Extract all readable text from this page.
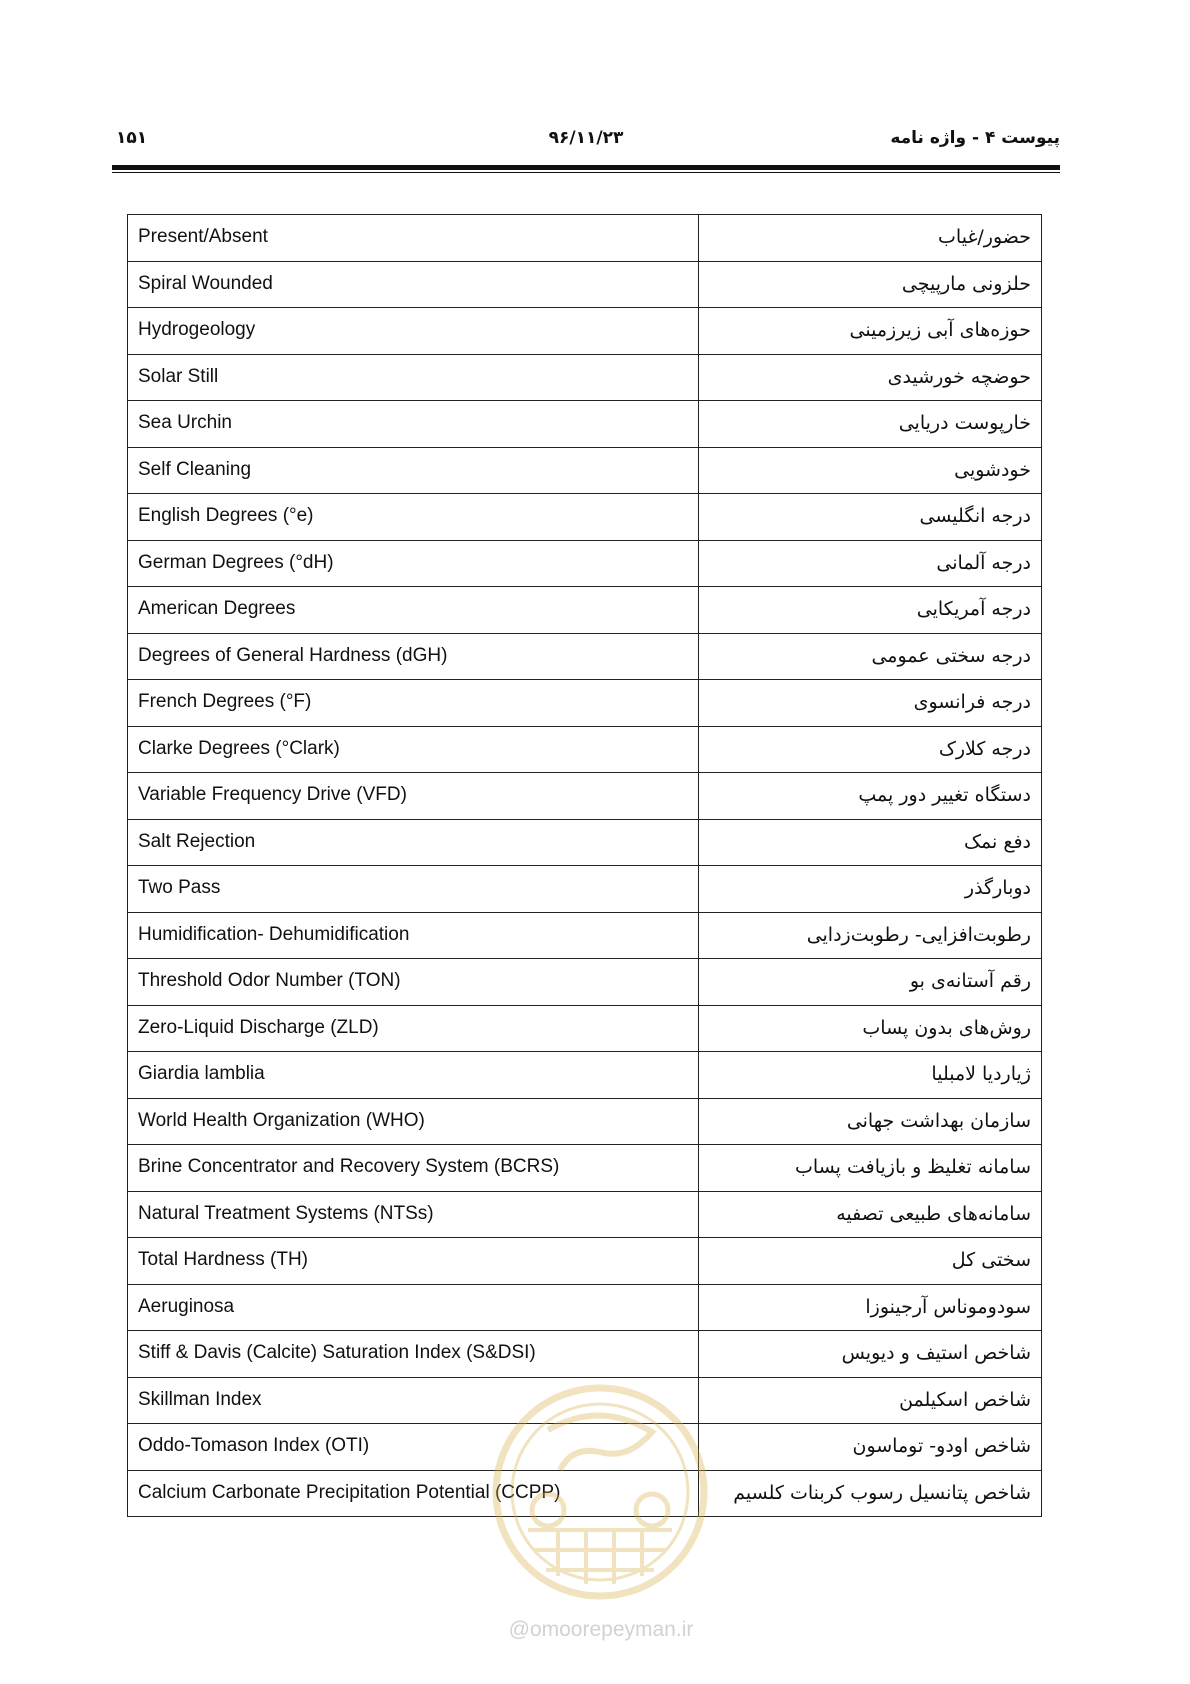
پیوست ۴ - واژه نامه
۹۶/۱۱/۲۳
۱۵۱
Present/Absent	حضور/غیاب
Spiral Wounded	حلزونی مارپیچی
Hydrogeology	حوزه‌های آبی زیرزمینی
Solar Still	حوضچه خورشیدی
Sea Urchin	خارپوست دریایی
Self Cleaning	خودشویی
English Degrees (°e)	درجه انگلیسی
German Degrees (°dH)	درجه آلمانی
American Degrees	درجه آمریکایی
Degrees of General Hardness (dGH)	درجه سختی عمومی
French Degrees (°F)	درجه فرانسوی
Clarke Degrees (°Clark)	درجه کلارک
Variable Frequency Drive (VFD)	دستگاه تغییر دور پمپ
Salt Rejection	دفع نمک
Two Pass	دوبارگذر
Humidification- Dehumidification	رطوبت‌افزایی- رطوبت‌زدایی
Threshold Odor Number (TON)	رقم آستانه‌ی بو
Zero-Liquid Discharge (ZLD)	روش‌های بدون پساب
Giardia lamblia	ژیاردیا لامبلیا
World Health Organization (WHO)	سازمان بهداشت جهانی
Brine Concentrator and Recovery System (BCRS)	سامانه تغلیظ و بازیافت پساب
Natural Treatment Systems (NTSs)	سامانه‌های طبیعی تصفیه
Total Hardness (TH)	سختی کل
Aeruginosa	سودوموناس آرجینوزا
Stiff & Davis (Calcite) Saturation Index (S&DSI)	شاخص استیف و دیویس
Skillman Index	شاخص اسکیلمن
Oddo-Tomason Index (OTI)	شاخص اودو- توماسون
Calcium Carbonate Precipitation Potential (CCPP)	شاخص پتانسیل رسوب کربنات کلسیم
@omoorepeyman.ir
